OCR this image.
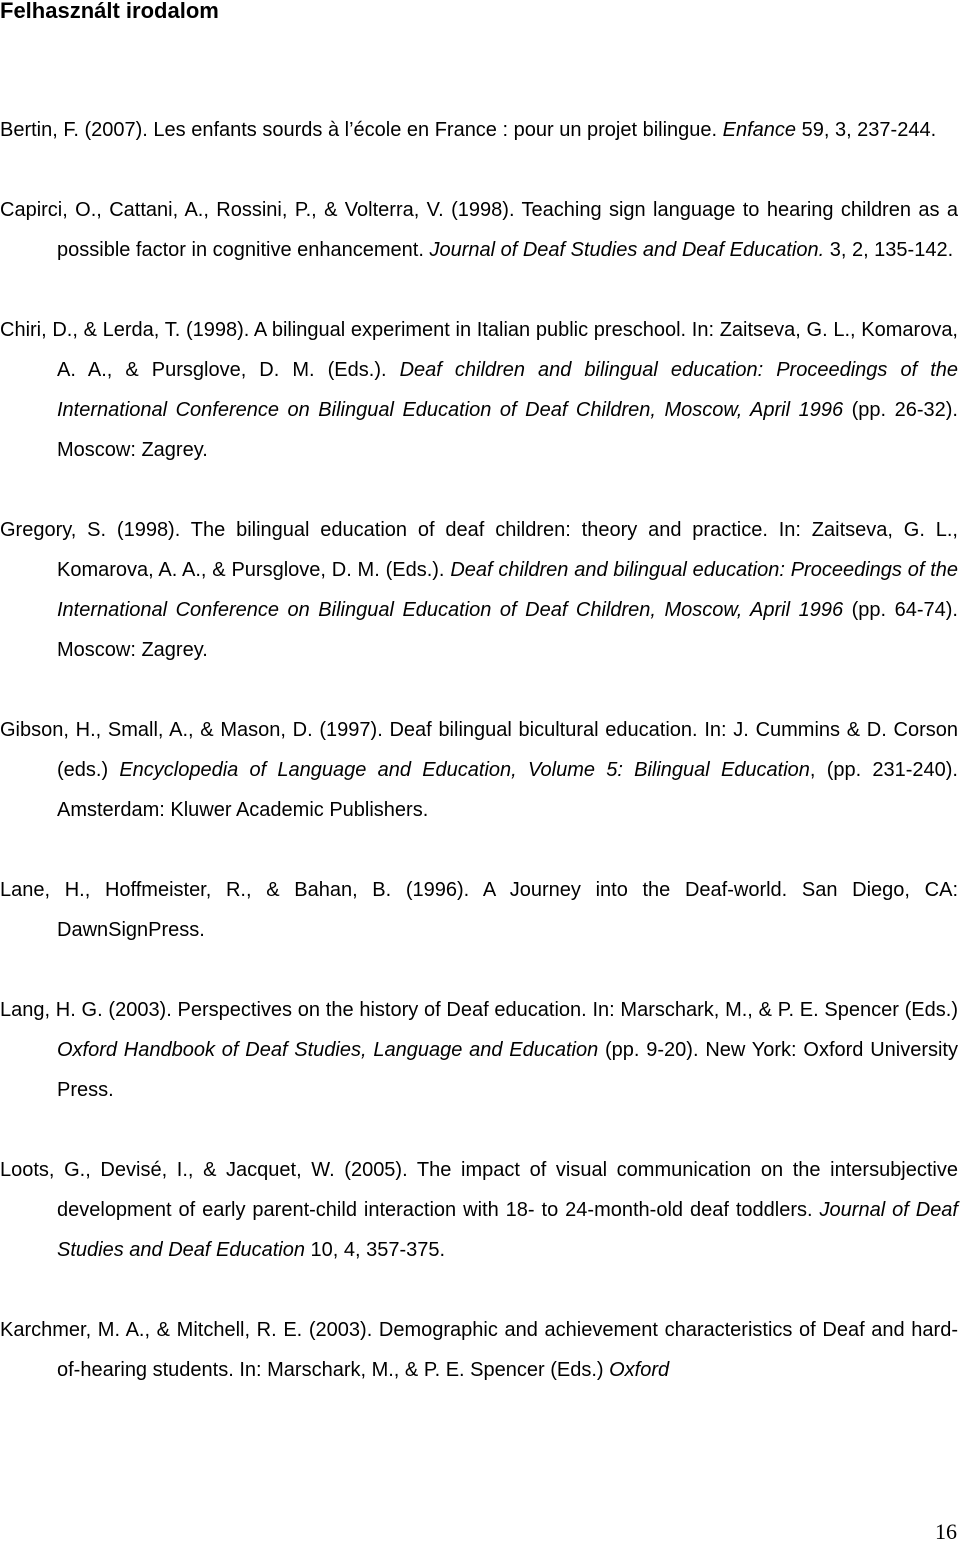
Felhasznált irodalom

Bertin, F. (2007). Les enfants sourds à l’école en France : pour un projet bilingue. Enfance 59, 3, 237-244.

Capirci, O., Cattani, A., Rossini, P., & Volterra, V. (1998). Teaching sign language to hearing children as a possible factor in cognitive enhancement. Journal of Deaf Studies and Deaf Education. 3, 2, 135-142.

Chiri, D., & Lerda, T. (1998). A bilingual experiment in Italian public preschool. In: Zaitseva, G. L., Komarova, A. A., & Pursglove, D. M. (Eds.). Deaf children and bilingual education: Proceedings of the International Conference on Bilingual Education of Deaf Children, Moscow, April 1996 (pp. 26-32). Moscow: Zagrey.

Gregory, S. (1998). The bilingual education of deaf children: theory and practice. In: Zaitseva, G. L., Komarova, A. A., & Pursglove, D. M. (Eds.). Deaf children and bilingual education: Proceedings of the International Conference on Bilingual Education of Deaf Children, Moscow, April 1996 (pp. 64-74). Moscow: Zagrey.

Gibson, H., Small, A., & Mason, D. (1997). Deaf bilingual bicultural education. In: J. Cummins & D. Corson (eds.) Encyclopedia of Language and Education, Volume 5: Bilingual Education, (pp. 231-240). Amsterdam: Kluwer Academic Publishers.

Lane, H., Hoffmeister, R., & Bahan, B. (1996). A Journey into the Deaf-world. San Diego, CA: DawnSignPress.

Lang, H. G. (2003). Perspectives on the history of Deaf education. In: Marschark, M., & P. E. Spencer (Eds.) Oxford Handbook of Deaf Studies, Language and Education (pp. 9-20). New York: Oxford University Press.

Loots, G., Devisé, I., & Jacquet, W. (2005). The impact of visual communication on the intersubjective development of early parent-child interaction with 18- to 24-month-old deaf toddlers. Journal of Deaf Studies and Deaf Education 10, 4, 357-375.

Karchmer, M. A., & Mitchell, R. E. (2003). Demographic and achievement characteristics of Deaf and hard-of-hearing students. In: Marschark, M., & P. E. Spencer (Eds.) Oxford

16
